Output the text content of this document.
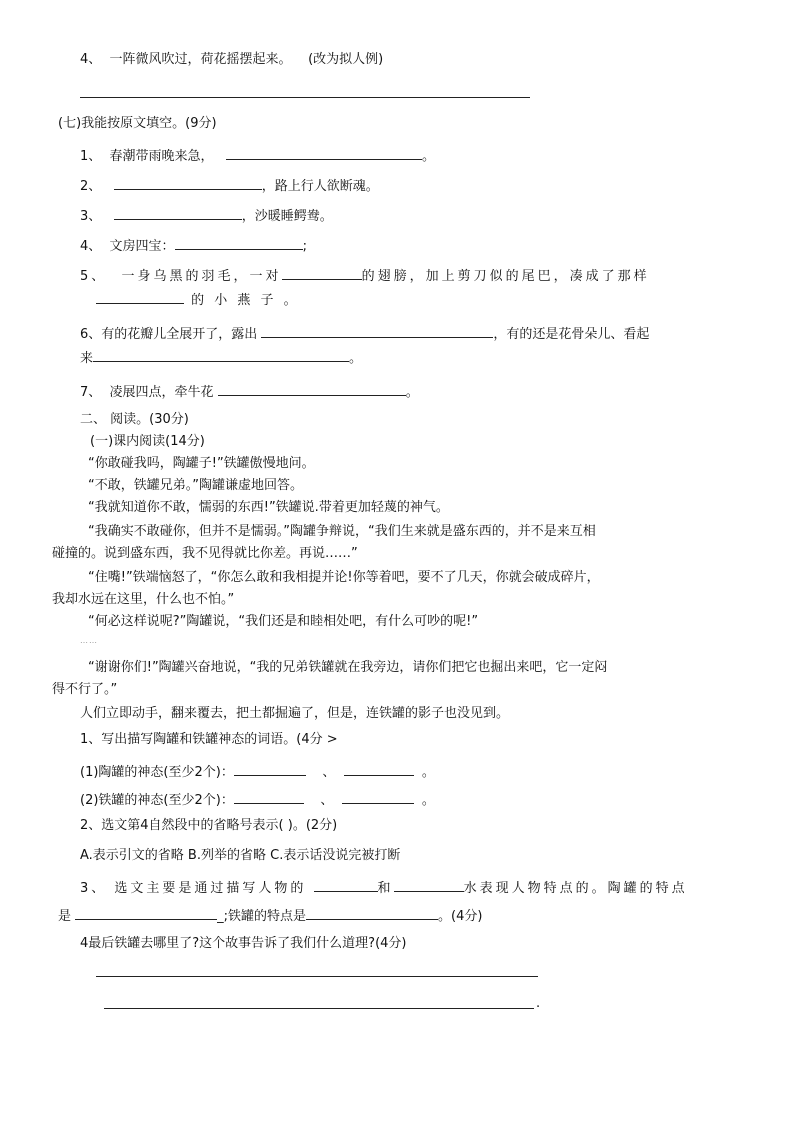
4、 一阵微风吹过，荷花摇摆起来。 (改为拟人例)
(七)我能按原文填空。(9分)
1、 春潮带雨晚来急，	。
2、	，路上行人欲断魂。
3、	，沙暖睡鳄鸯。
4、 文房四宝：	;
5、 一身乌黑的羽毛，一对	的翅膀，加上剪刀似的尾巴，凑成了那样
的 小 燕 子 。
6、有的花瓣儿全展开了，露出	，有的还是花骨朵儿、看起
来	。
7、 凌展四点，牵牛花	。
二、 阅读。(30分)
(一)课内阅读(14分)
“你敢碰我吗，陶罐子!”铁罐傲慢地问。
“不敢，铁罐兄弟。”陶罐谦虚地回答。
“我就知道你不敢，懦弱的东西!”铁罐说.带着更加轻蔑的神气。
“我确实不敢碰你，但并不是懦弱。”陶罐争辩说，“我们生来就是盛东西的，并不是来互相
碰撞的。说到盛东西，我不见得就比你差。再说……”
“住嘴!”铁端恼怒了，“你怎么敢和我相提并论!你等着吧，要不了几天，你就会破成碎片，
我却水远在这里，什么也不怕。”
“何必这样说呢?”陶罐说，“我们还是和睦相处吧，有什么可吵的呢!”
……
“谢谢你们!”陶罐兴奋地说，“我的兄弟铁罐就在我旁边，请你们把它也掘出来吧，它一定闷
得不行了。”
人们立即动手，翻来覆去，把土都掘遍了，但是，连铁罐的影子也没见到。
1、写出描写陶罐和铁罐神态的词语。(4分 >
(1)陶罐的神态(至少2个)：	、	。
(2)铁罐的神态(至少2个)：	、	。
2、选文第4自然段中的省略号表示( )。(2分)
A.表示引文的省略 B.列举的省略 C.表示话没说完被打断
3、 选文主要是通过描写人物的	和	水表现人物特点的。陶罐的特点
是	_;铁罐的特点是	。(4分)
4最后铁罐去哪里了?这个故事告诉了我们什么道理?(4分)
.
